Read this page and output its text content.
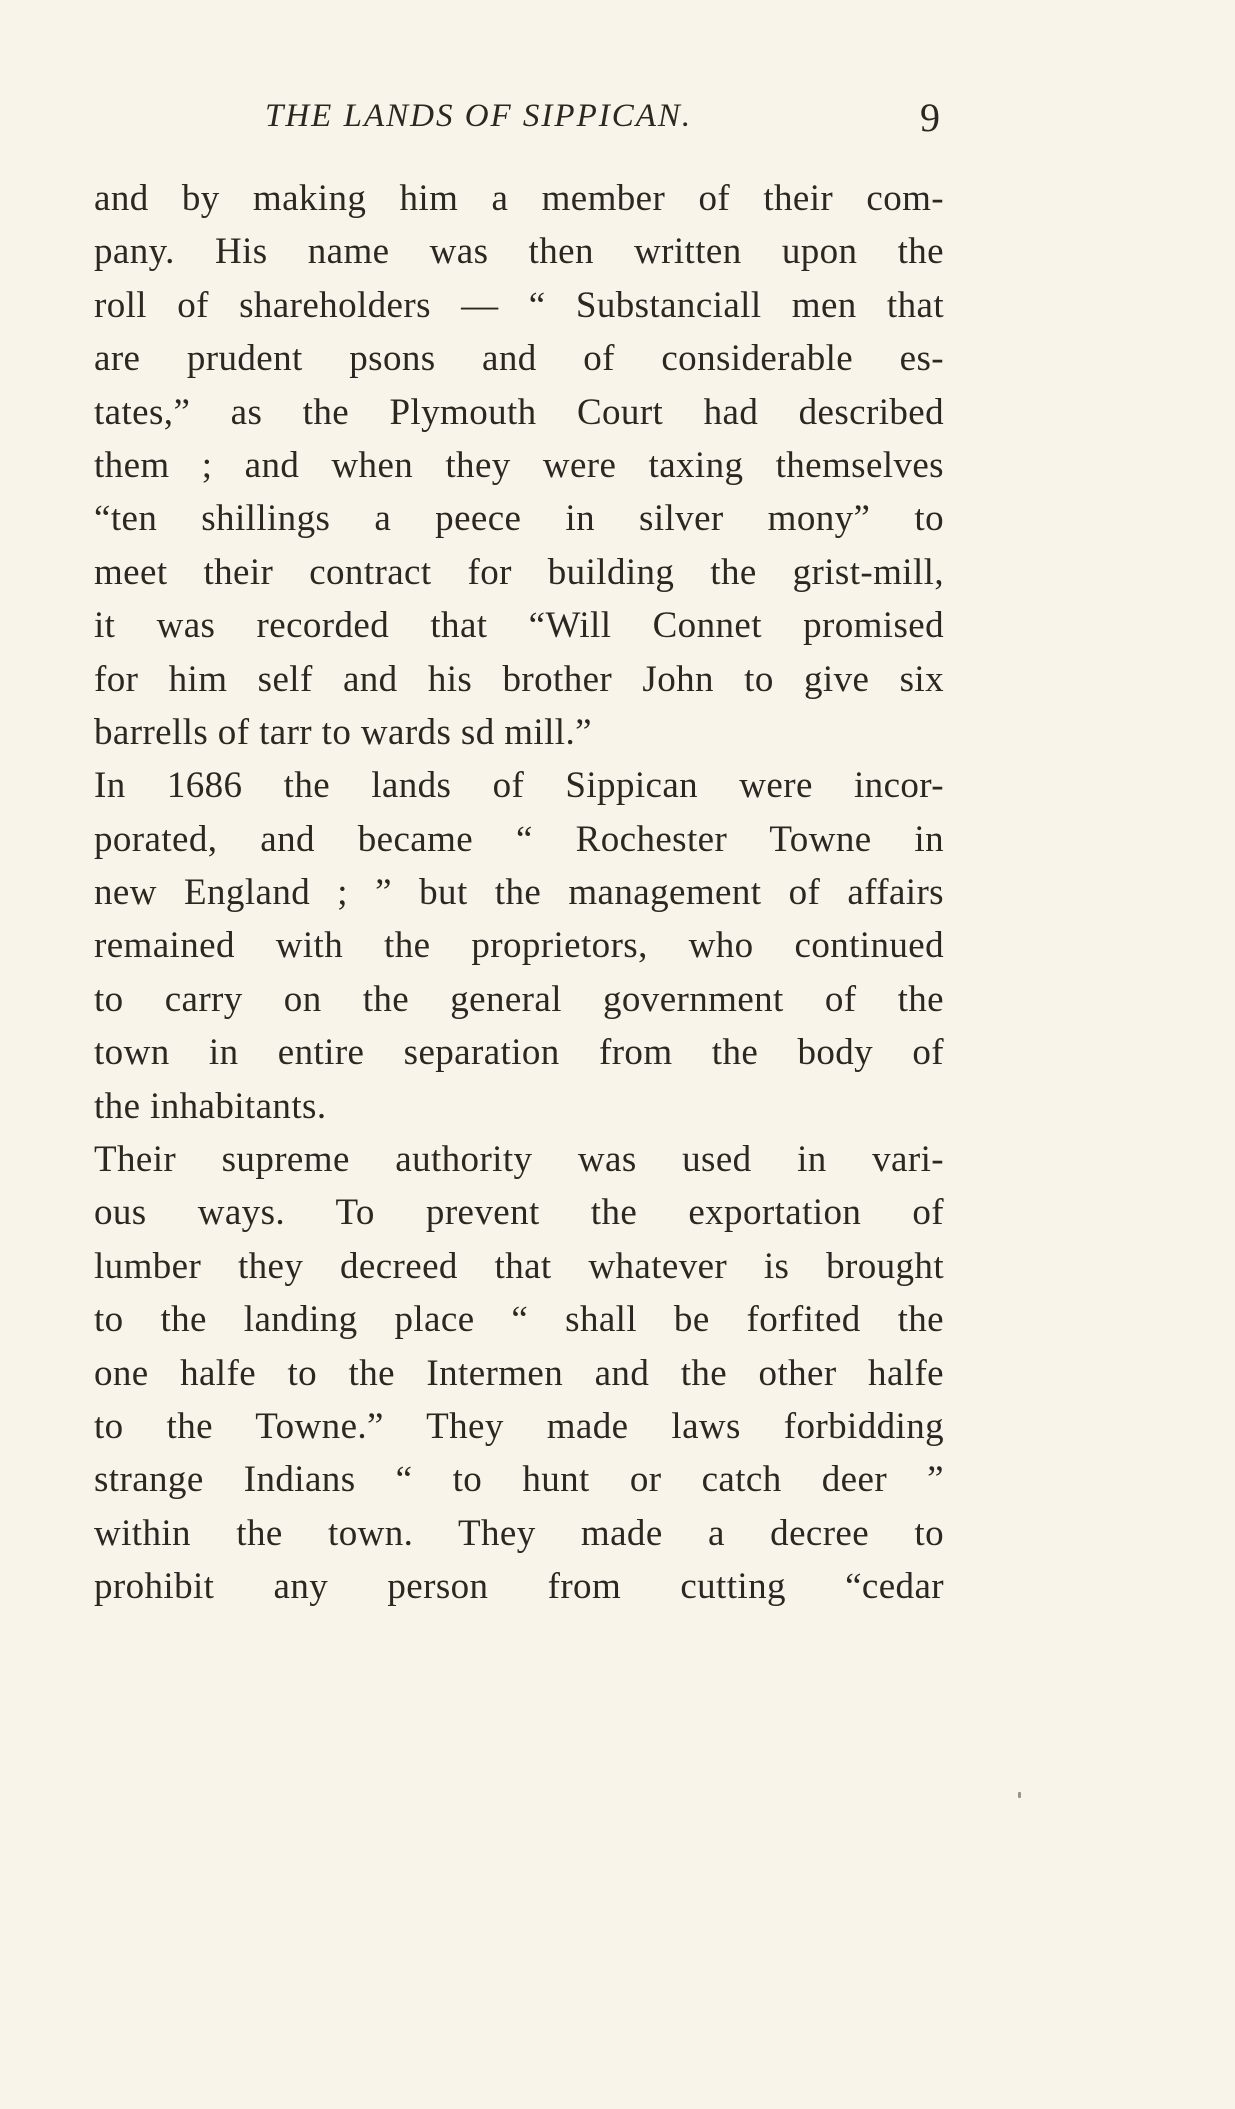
THE LANDS OF SIPPICAN.	9
and by making him a member of their com-
pany. His name was then written upon the
roll of shareholders — “ Substanciall men that
are prudent psons and of considerable es-
tates,” as the Plymouth Court had described
them ; and when they were taxing themselves
“ten shillings a peece in silver mony” to
meet their contract for building the grist-mill,
it was recorded that “Will Connet promised
for him self and his brother John to give six
barrells of tarr to wards sd mill.”
In 1686 the lands of Sippican were incor-
porated, and became “ Rochester Towne in
new England ; ” but the management of affairs
remained with the proprietors, who continued
to carry on the general government of the
town in entire separation from the body of
the inhabitants.
Their supreme authority was used in vari-
ous ways. To prevent the exportation of
lumber they decreed that whatever is brought
to the landing place “ shall be forfited the
one halfe to the Intermen and the other halfe
to the Towne.” They made laws forbidding
strange Indians “ to hunt or catch deer ”
within the town. They made a decree to
prohibit any person from cutting “cedar
